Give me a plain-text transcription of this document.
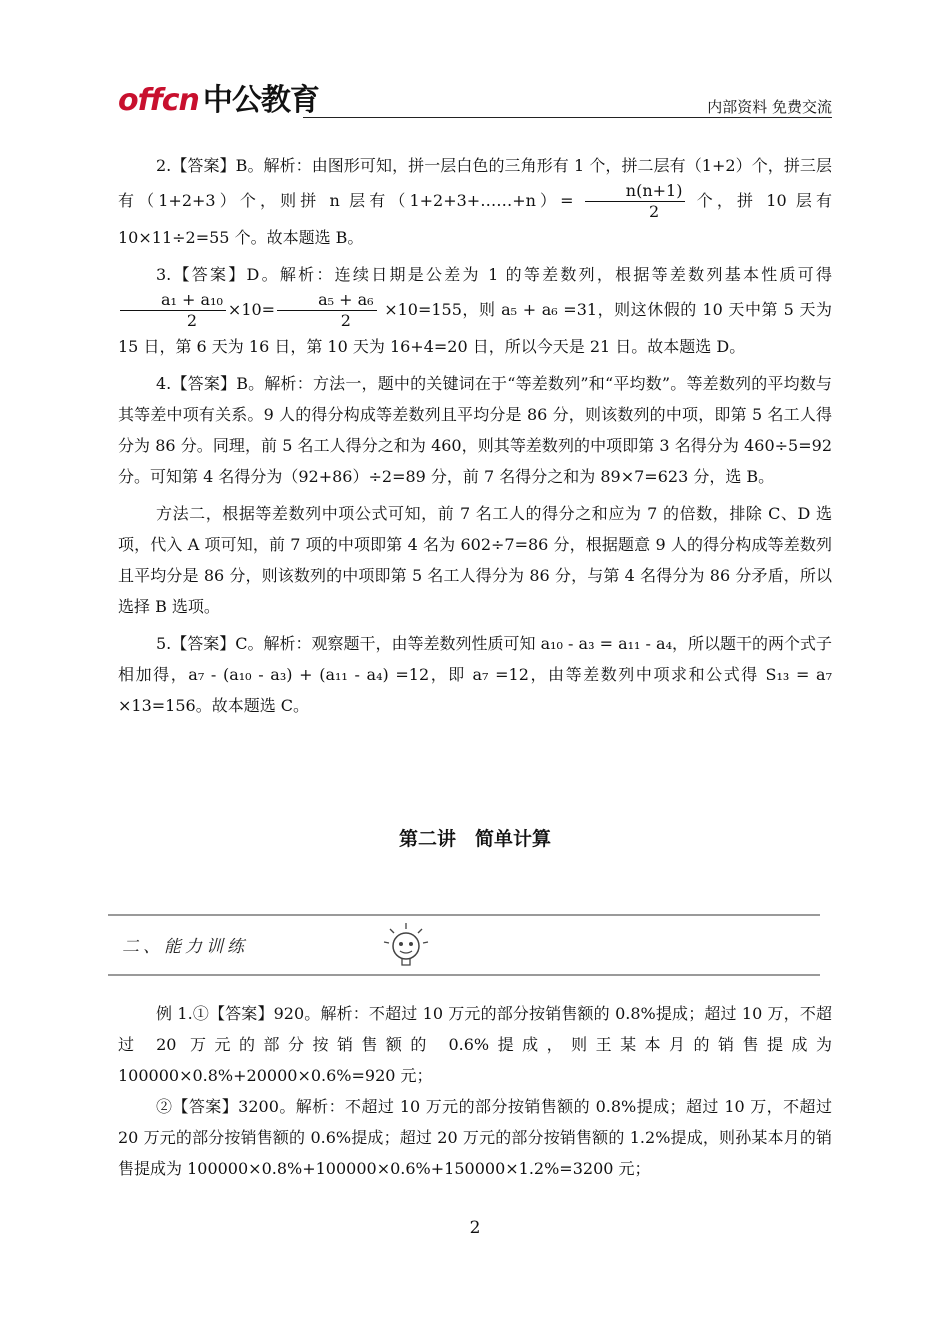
offcn 中公教育	内部资料 免费交流

2.【答案】B。解析：由图形可知，拼一层白色的三角形有 1 个，拼二层有（1+2）个，拼三层有（1+2+3）个，则拼 n 层有（1+2+3+……+n）= $\frac{n(n+1)}{2}$ 个，拼 10 层有 10×11÷2=55 个。故本题选 B。

3.【答案】D。解析：连续日期是公差为 1 的等差数列，根据等差数列基本性质可得
$\frac{\text{a₁ + a₁₀}}{2} \times 10= \frac{\text{a₅ + a₆}}{2} \times 10=155$，则 a₅ + a₆ =31，则这休假的 10 天中第 5 天为 15 日，第 6 天为 16 日，第 10 天为 16+4=20 日，所以今天是 21 日。故本题选 D。

4.【答案】B。解析：方法一，题中的关键词在于“等差数列”和“平均数”。等差数列的平均数与其等差中项有关系。9 人的得分构成等差数列且平均分是 86 分，则该数列的中项，即第 5 名工人得分为 86 分。同理，前 5 名工人得分之和为 460，则其等差数列的中项即第 3 名得分为 460÷5=92 分。可知第 4 名得分为（92+86）÷2=89 分，前 7 名得分之和为 89×7=623 分，选 B。

方法二，根据等差数列中项公式可知，前 7 名工人的得分之和应为 7 的倍数，排除 C、D 选项，代入 A 项可知，前 7 项的中项即第 4 名为 602÷7=86 分，根据题意 9 人的得分构成等差数列且平均分是 86 分，则该数列的中项即第 5 名工人得分为 86 分，与第 4 名得分为 86 分矛盾，所以选择 B 选项。

5.【答案】C。解析：观察题干，由等差数列性质可知 a₁₀ - a₃ = a₁₁ - a₄，所以题干的两个式子相加得，a₇ - (a₁₀ - a₃) + (a₁₁ - a₄) =12，即 a₇ =12，由等差数列中项求和公式得 S₁₃ = a₇ ×13=156。故本题选 C。

第二讲　简单计算
二、能力训练

例 1.①【答案】920。解析：不超过 10 万元的部分按销售额的 0.8%提成；超过 10 万，不超过 20 万元的部分按销售额的 0.6%提成，则王某本月的销售提成为 100000×0.8%+20000×0.6%=920 元；

②【答案】3200。解析：不超过 10 万元的部分按销售额的 0.8%提成；超过 10 万，不超过 20 万元的部分按销售额的 0.6%提成；超过 20 万元的部分按销售额的 1.2%提成，则孙某本月的销售提成为 100000×0.8%+100000×0.6%+150000×1.2%=3200 元；

2
